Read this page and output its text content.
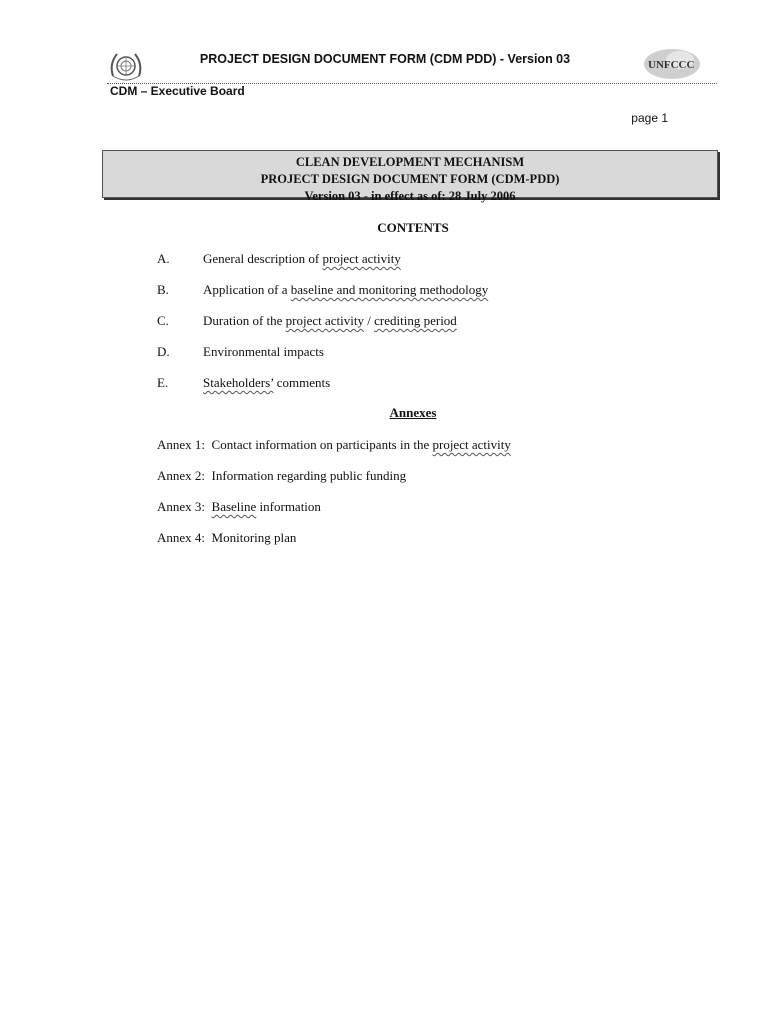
PROJECT DESIGN DOCUMENT FORM (CDM PDD) - Version 03	UNFCCC
CDM – Executive Board
page 1
CLEAN DEVELOPMENT MECHANISM
PROJECT DESIGN DOCUMENT FORM (CDM-PDD)
Version 03 - in effect as of: 28 July 2006
CONTENTS
A.	General description of project activity
B.	Application of a baseline and monitoring methodology
C.	Duration of the project activity / crediting period
D.	Environmental impacts
E.	Stakeholders’ comments
Annexes
Annex 1: Contact information on participants in the project activity
Annex 2: Information regarding public funding
Annex 3: Baseline information
Annex 4: Monitoring plan
